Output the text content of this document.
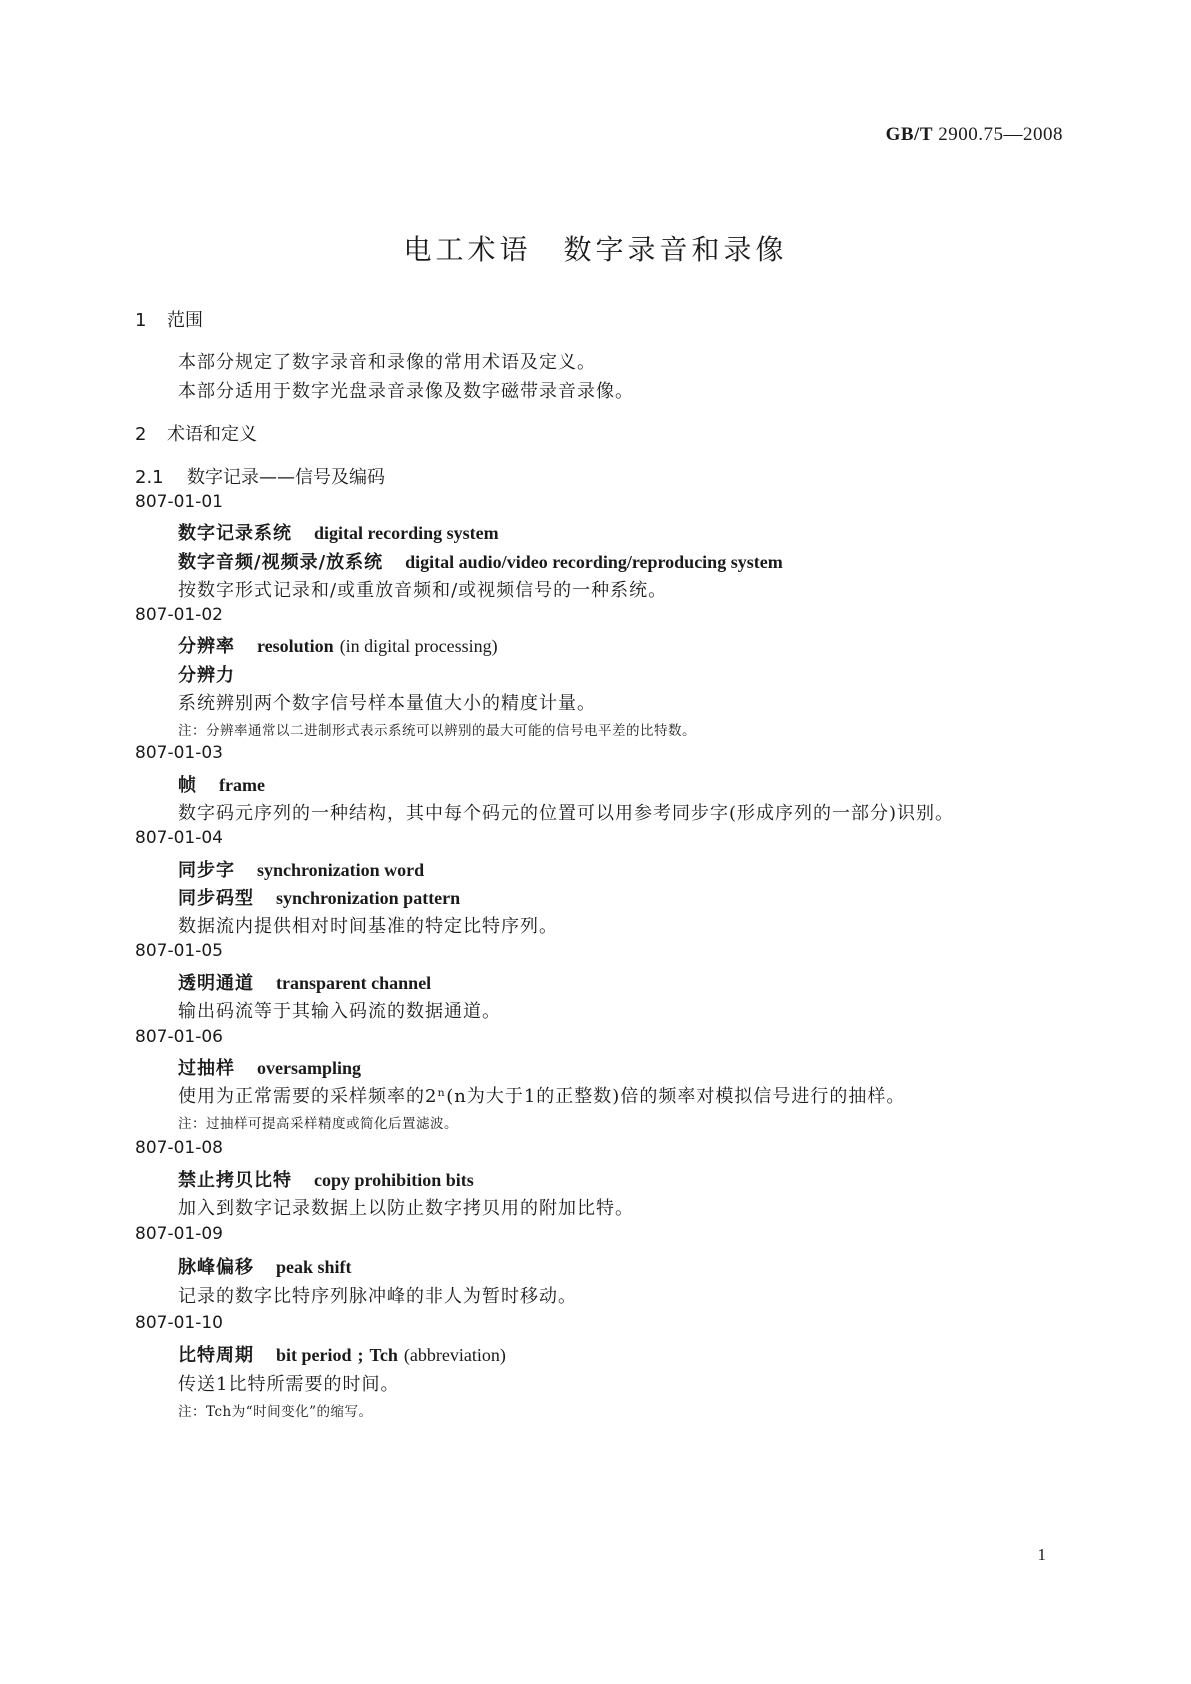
GB/T 2900.75—2008
电工术语　数字录音和录像
1 范围
本部分规定了数字录音和录像的常用术语及定义。
本部分适用于数字光盘录音录像及数字磁带录音录像。
2 术语和定义
2.1 数字记录——信号及编码
807-01-01
数字记录系统 digital recording system
数字音频/视频录/放系统 digital audio/video recording/reproducing system
按数字形式记录和/或重放音频和/或视频信号的一种系统。
807-01-02
分辨率 resolution (in digital processing)
分辨力
系统辨别两个数字信号样本量值大小的精度计量。
注：分辨率通常以二进制形式表示系统可以辨别的最大可能的信号电平差的比特数。
807-01-03
帧 frame
数字码元序列的一种结构，其中每个码元的位置可以用参考同步字(形成序列的一部分)识别。
807-01-04
同步字 synchronization word
同步码型 synchronization pattern
数据流内提供相对时间基准的特定比特序列。
807-01-05
透明通道 transparent channel
输出码流等于其输入码流的数据通道。
807-01-06
过抽样 oversampling
使用为正常需要的采样频率的2ⁿ(n为大于1的正整数)倍的频率对模拟信号进行的抽样。
注：过抽样可提高采样精度或简化后置滤波。
807-01-08
禁止拷贝比特 copy prohibition bits
加入到数字记录数据上以防止数字拷贝用的附加比特。
807-01-09
脉峰偏移 peak shift
记录的数字比特序列脉冲峰的非人为暂时移动。
807-01-10
比特周期 bit period ; Tch (abbreviation)
传送1比特所需要的时间。
注：Tch为“时间变化”的缩写。
1
